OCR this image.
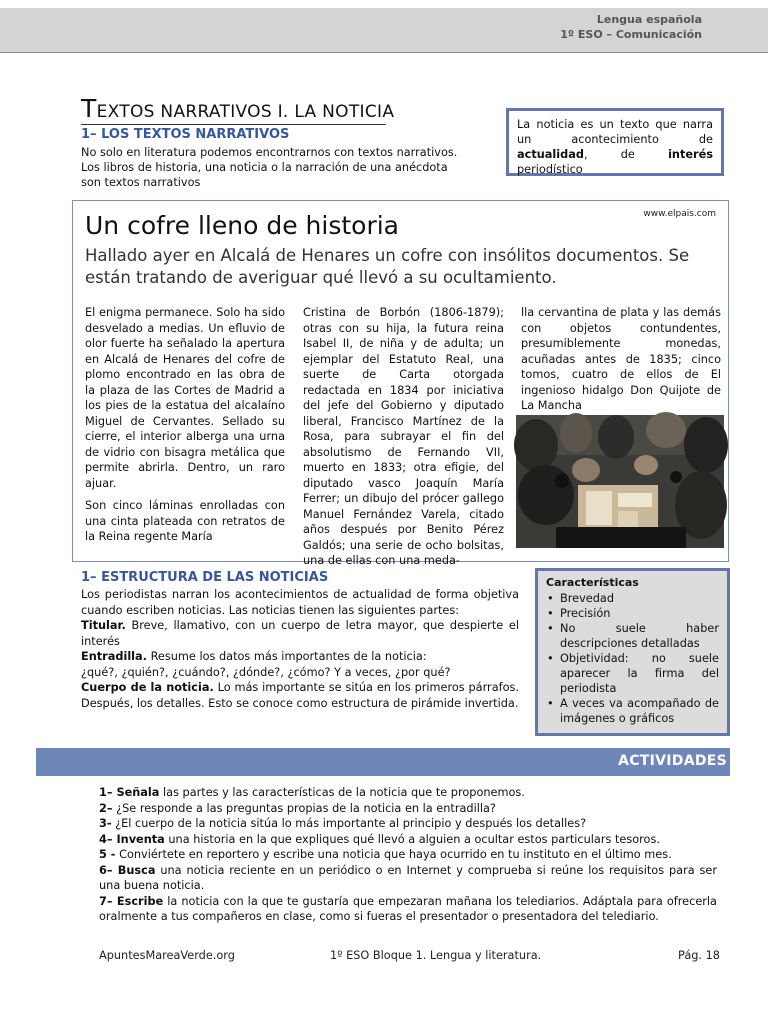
Lengua española
1º ESO – Comunicación
TEXTOS NARRATIVOS I. LA NOTICIA
1– LOS TEXTOS NARRATIVOS
No solo en literatura podemos encontrarnos con textos narrativos. Los libros de historia, una noticia o la narración de una anécdota son textos narrativos
La noticia es un texto que narra un acontecimiento de actualidad, de interés periodístico
www.elpais.com
Un cofre lleno de historia
Hallado ayer en Alcalá de Henares un cofre con insólitos documentos. Se están tratando de averiguar qué llevó a su ocultamiento.

El enigma permanece. Solo ha sido desvelado a medias. Un efluvio de olor fuerte ha señalado la apertura en Alcalá de Henares del cofre de plomo encontrado en las obra de la plaza de las Cortes de Madrid a los pies de la estatua del alcalaíno Miguel de Cervantes. Sellado su cierre, el interior alberga una urna de vidrio con bisagra metálica que permite abrirla. Dentro, un raro ajuar.

Son cinco láminas enrolladas con una cinta plateada con retratos de la Reina regente María

Cristina de Borbón (1806-1879); otras con su hija, la futura reina Isabel II, de niña y de adulta; un ejemplar del Estatuto Real, una suerte de Carta otorgada redactada en 1834 por iniciativa del jefe del Gobierno y diputado liberal, Francisco Martínez de la Rosa, para subrayar el fin del absolutismo de Fernando VII, muerto en 1833; otra efigie, del diputado vasco Joaquín María Ferrer; un dibujo del prócer gallego Manuel Fernández Varela, citado años después por Benito Pérez Galdós; una serie de ocho bolsitas, una de ellas con una meda-
lla cervantina de plata y las demás con objetos contundentes, presumiblemente monedas, acuñadas antes de 1835; cinco tomos, cuatro de ellos de El ingenioso hidalgo Don Quijote de La Mancha
1– ESTRUCTURA DE LAS NOTICIAS

Los periodistas narran los acontecimientos de actualidad de forma objetiva cuando escriben noticias. Las noticias tienen las siguientes partes:

Titular. Breve, llamativo, con un cuerpo de letra mayor, que despierte el interés

Entradilla. Resume los datos más importantes de la noticia:

¿qué?, ¿quién?, ¿cuándo?, ¿dónde?, ¿cómo? Y a veces, ¿por qué?

Cuerpo de la noticia. Lo más importante se sitúa en los primeros párrafos. Después, los detalles. Esto se conoce como estructura de pirámide invertida.

Características
• Brevedad
• Precisión
• No suele haber descripciones detalladas
• Objetividad: no suele aparecer la firma del periodista
• A veces va acompañado de imágenes o gráficos
ACTIVIDADES

1– Señala las partes y las características de la noticia que te proponemos.

2– ¿Se responde a las preguntas propias de la noticia en la entradilla?

3- ¿El cuerpo de la noticia sitúa lo más importante al principio y después los detalles?

4– Inventa una historia en la que expliques qué llevó a alguien a ocultar estos particulars tesoros.

5 - Conviértete en reportero y escribe una noticia que haya ocurrido en tu instituto en el último mes.

6– Busca una noticia reciente en un periódico o en Internet y comprueba si reúne los requisitos para ser una buena noticia.

7– Escribe la noticia con la que te gustaría que empezaran mañana los telediarios. Adáptala para ofrecerla oralmente a tus compañeros en clase, como si fueras el presentador o presentadora del telediario.

ApuntesMareaVerde.org	1º ESO Bloque 1. Lengua y literatura.	Pág. 18
